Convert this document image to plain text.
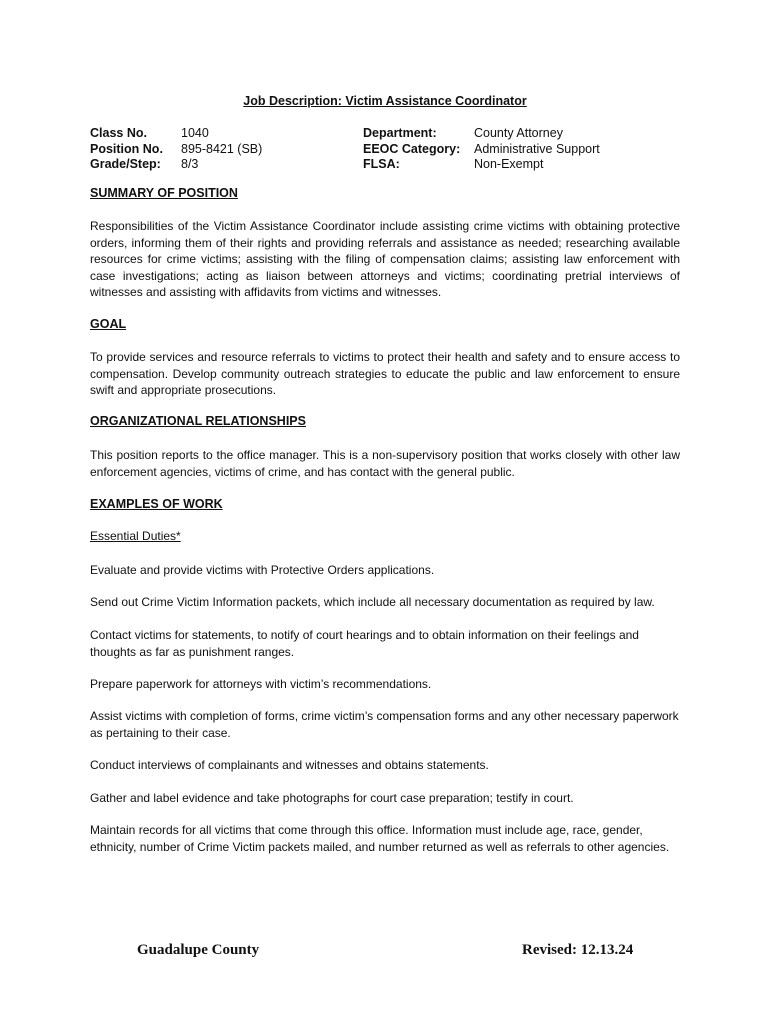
Job Description: Victim Assistance Coordinator
Class No.	1040	Department:	County Attorney
Position No. 895-8421 (SB)	EEOC Category: Administrative Support
Grade/Step: 8/3	FLSA:	Non-Exempt
SUMMARY OF POSITION
Responsibilities of the Victim Assistance Coordinator include assisting crime victims with obtaining protective orders, informing them of their rights and providing referrals and assistance as needed; researching available resources for crime victims; assisting with the filing of compensation claims; assisting law enforcement with case investigations; acting as liaison between attorneys and victims; coordinating pretrial interviews of witnesses and assisting with affidavits from victims and witnesses.
GOAL
To provide services and resource referrals to victims to protect their health and safety and to ensure access to compensation. Develop community outreach strategies to educate the public and law enforcement to ensure swift and appropriate prosecutions.
ORGANIZATIONAL RELATIONSHIPS
This position reports to the office manager. This is a non-supervisory position that works closely with other law enforcement agencies, victims of crime, and has contact with the general public.
EXAMPLES OF WORK
Essential Duties*
Evaluate and provide victims with Protective Orders applications.
Send out Crime Victim Information packets, which include all necessary documentation as required by law.
Contact victims for statements, to notify of court hearings and to obtain information on their feelings and thoughts as far as punishment ranges.
Prepare paperwork for attorneys with victim’s recommendations.
Assist victims with completion of forms, crime victim’s compensation forms and any other necessary paperwork as pertaining to their case.
Conduct interviews of complainants and witnesses and obtains statements.
Gather and label evidence and take photographs for court case preparation; testify in court.
Maintain records for all victims that come through this office. Information must include age, race, gender, ethnicity, number of Crime Victim packets mailed, and number returned as well as referrals to other agencies.
Guadalupe County	Revised: 12.13.24
